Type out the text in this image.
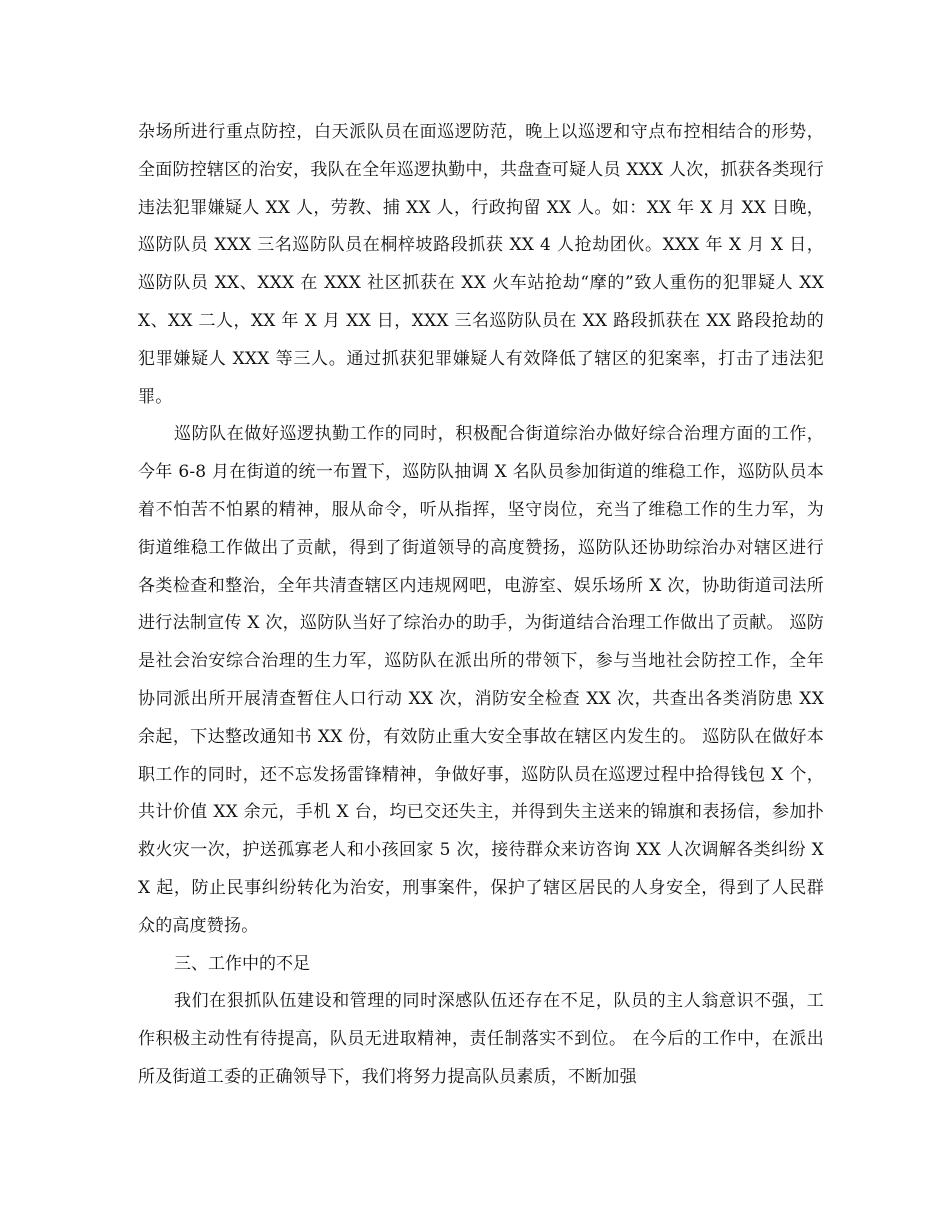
杂场所进行重点防控，白天派队员在面巡逻防范，晚上以巡逻和守点布控相结合的形势，全面防控辖区的治安，我队在全年巡逻执勤中，共盘查可疑人员 XXX 人次，抓获各类现行违法犯罪嫌疑人 XX 人，劳教、捕 XX 人，行政拘留 XX 人。如：XX 年 X 月 XX 日晚，巡防队员 XXX 三名巡防队员在桐梓坡路段抓获 XX 4 人抢劫团伙。XXX 年 X 月 X 日，巡防队员 XX、XXX 在 XXX 社区抓获在 XX 火车站抢劫“摩的”致人重伤的犯罪疑人 XXX、XX 二人，XX 年 X 月 XX 日，XXX 三名巡防队员在 XX 路段抓获在 XX 路段抢劫的犯罪嫌疑人 XXX 等三人。通过抓获犯罪嫌疑人有效降低了辖区的犯案率，打击了违法犯罪。

巡防队在做好巡逻执勤工作的同时，积极配合街道综治办做好综合治理方面的工作，今年 6-8 月在街道的统一布置下，巡防队抽调 X 名队员参加街道的维稳工作，巡防队员本着不怕苦不怕累的精神，服从命令，听从指挥，坚守岗位，充当了维稳工作的生力军，为街道维稳工作做出了贡献，得到了街道领导的高度赞扬，巡防队还协助综治办对辖区进行各类检查和整治，全年共清查辖区内违规网吧，电游室、娱乐场所 X 次，协助街道司法所进行法制宣传 X 次，巡防队当好了综治办的助手，为街道结合治理工作做出了贡献。 巡防是社会治安综合治理的生力军，巡防队在派出所的带领下，参与当地社会防控工作，全年协同派出所开展清查暂住人口行动 XX 次，消防安全检查 XX 次，共查出各类消防患 XX 余起，下达整改通知书 XX 份，有效防止重大安全事故在辖区内发生的。 巡防队在做好本职工作的同时，还不忘发扬雷锋精神，争做好事，巡防队员在巡逻过程中拾得钱包 X 个，共计价值 XX 余元，手机 X 台，均已交还失主，并得到失主送来的锦旗和表扬信，参加扑救火灾一次，护送孤寡老人和小孩回家 5 次，接待群众来访咨询 XX 人次调解各类纠纷 XX 起，防止民事纠纷转化为治安，刑事案件，保护了辖区居民的人身安全，得到了人民群众的高度赞扬。

三、工作中的不足

我们在狠抓队伍建设和管理的同时深感队伍还存在不足，队员的主人翁意识不强，工作积极主动性有待提高，队员无进取精神，责任制落实不到位。 在今后的工作中，在派出所及街道工委的正确领导下，我们将努力提高队员素质，不断加强
